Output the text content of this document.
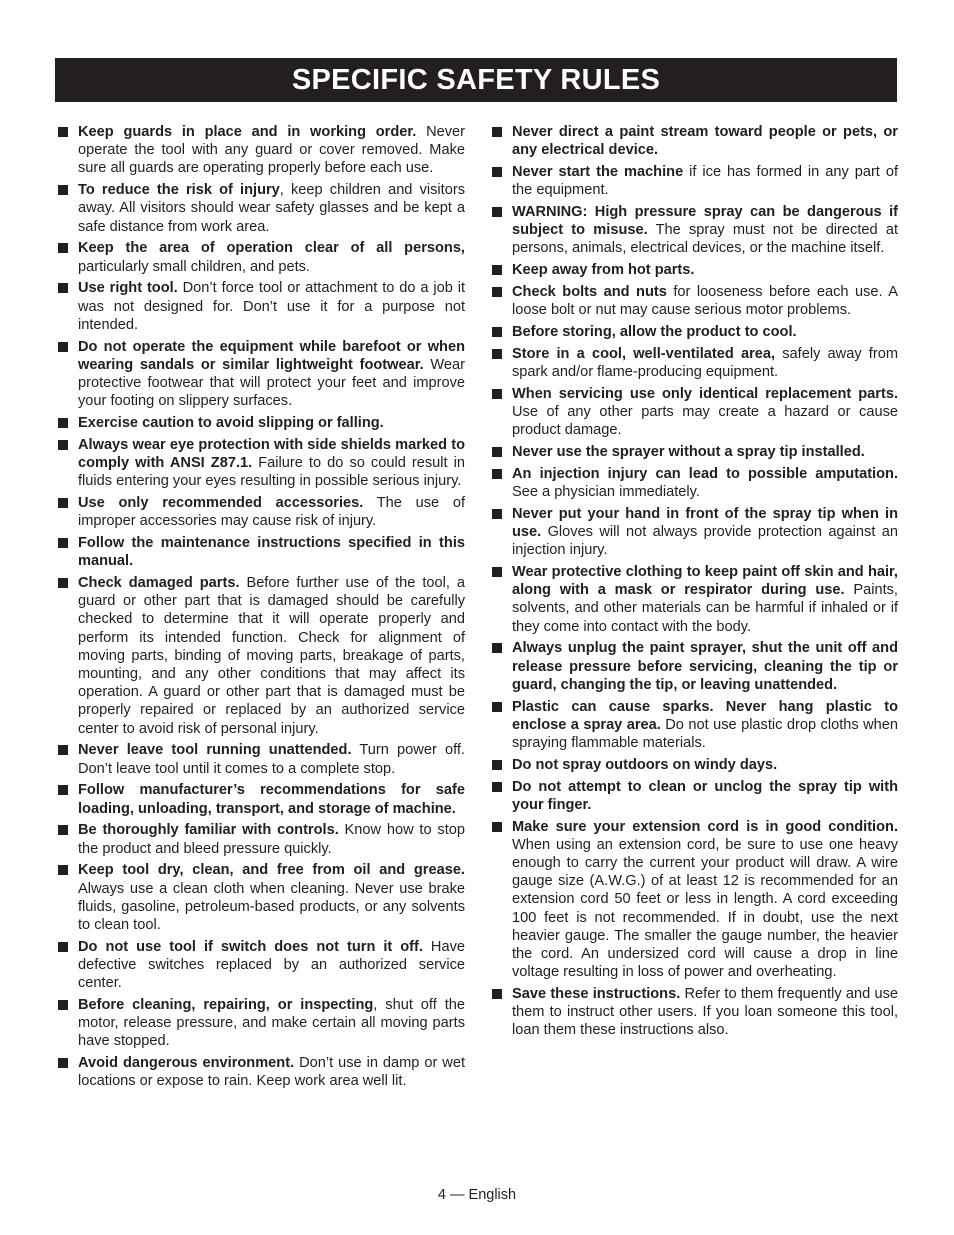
SPECIFIC SAFETY RULES
Keep guards in place and in working order. Never operate the tool with any guard or cover removed. Make sure all guards are operating properly before each use.
To reduce the risk of injury, keep children and visitors away. All visitors should wear safety glasses and be kept a safe distance from work area.
Keep the area of operation clear of all persons, particularly small children, and pets.
Use right tool. Don’t force tool or attachment to do a job it was not designed for. Don’t use it for a purpose not intended.
Do not operate the equipment while barefoot or when wearing sandals or similar lightweight footwear. Wear protective footwear that will protect your feet and improve your footing on slippery surfaces.
Exercise caution to avoid slipping or falling.
Always wear eye protection with side shields marked to comply with ANSI Z87.1. Failure to do so could result in fluids entering your eyes resulting in possible serious injury.
Use only recommended accessories. The use of improper accessories may cause risk of injury.
Follow the maintenance instructions specified in this manual.
Check damaged parts. Before further use of the tool, a guard or other part that is damaged should be carefully checked to determine that it will operate properly and perform its intended function. Check for alignment of moving parts, binding of moving parts, breakage of parts, mounting, and any other conditions that may affect its operation. A guard or other part that is damaged must be properly repaired or replaced by an authorized service center to avoid risk of personal injury.
Never leave tool running unattended. Turn power off. Don’t leave tool until it comes to a complete stop.
Follow manufacturer’s recommendations for safe loading, unloading, transport, and storage of machine.
Be thoroughly familiar with controls. Know how to stop the product and bleed pressure quickly.
Keep tool dry, clean, and free from oil and grease. Always use a clean cloth when cleaning. Never use brake fluids, gasoline, petroleum-based products, or any solvents to clean tool.
Do not use tool if switch does not turn it off. Have defective switches replaced by an authorized service center.
Before cleaning, repairing, or inspecting, shut off the motor, release pressure, and make certain all moving parts have stopped.
Avoid dangerous environment. Don’t use in damp or wet locations or expose to rain. Keep work area well lit.
Never direct a paint stream toward people or pets, or any electrical device.
Never start the machine if ice has formed in any part of the equipment.
WARNING: High pressure spray can be dangerous if subject to misuse. The spray must not be directed at persons, animals, electrical devices, or the machine itself.
Keep away from hot parts.
Check bolts and nuts for looseness before each use. A loose bolt or nut may cause serious motor problems.
Before storing, allow the product to cool.
Store in a cool, well-ventilated area, safely away from spark and/or flame-producing equipment.
When servicing use only identical replacement parts. Use of any other parts may create a hazard or cause product damage.
Never use the sprayer without a spray tip installed.
An injection injury can lead to possible amputation. See a physician immediately.
Never put your hand in front of the spray tip when in use. Gloves will not always provide protection against an injection injury.
Wear protective clothing to keep paint off skin and hair, along with a mask or respirator during use. Paints, solvents, and other materials can be harmful if inhaled or if they come into contact with the body.
Always unplug the paint sprayer, shut the unit off and release pressure before servicing, cleaning the tip or guard, changing the tip, or leaving unattended.
Plastic can cause sparks. Never hang plastic to enclose a spray area. Do not use plastic drop cloths when spraying flammable materials.
Do not spray outdoors on windy days.
Do not attempt to clean or unclog the spray tip with your finger.
Make sure your extension cord is in good condition. When using an extension cord, be sure to use one heavy enough to carry the current your product will draw. A wire gauge size (A.W.G.) of at least 12 is recommended for an extension cord 50 feet or less in length. A cord exceeding 100 feet is not recommended. If in doubt, use the next heavier gauge. The smaller the gauge number, the heavier the cord. An undersized cord will cause a drop in line voltage resulting in loss of power and overheating.
Save these instructions. Refer to them frequently and use them to instruct other users. If you loan someone this tool, loan them these instructions also.
4 — English
